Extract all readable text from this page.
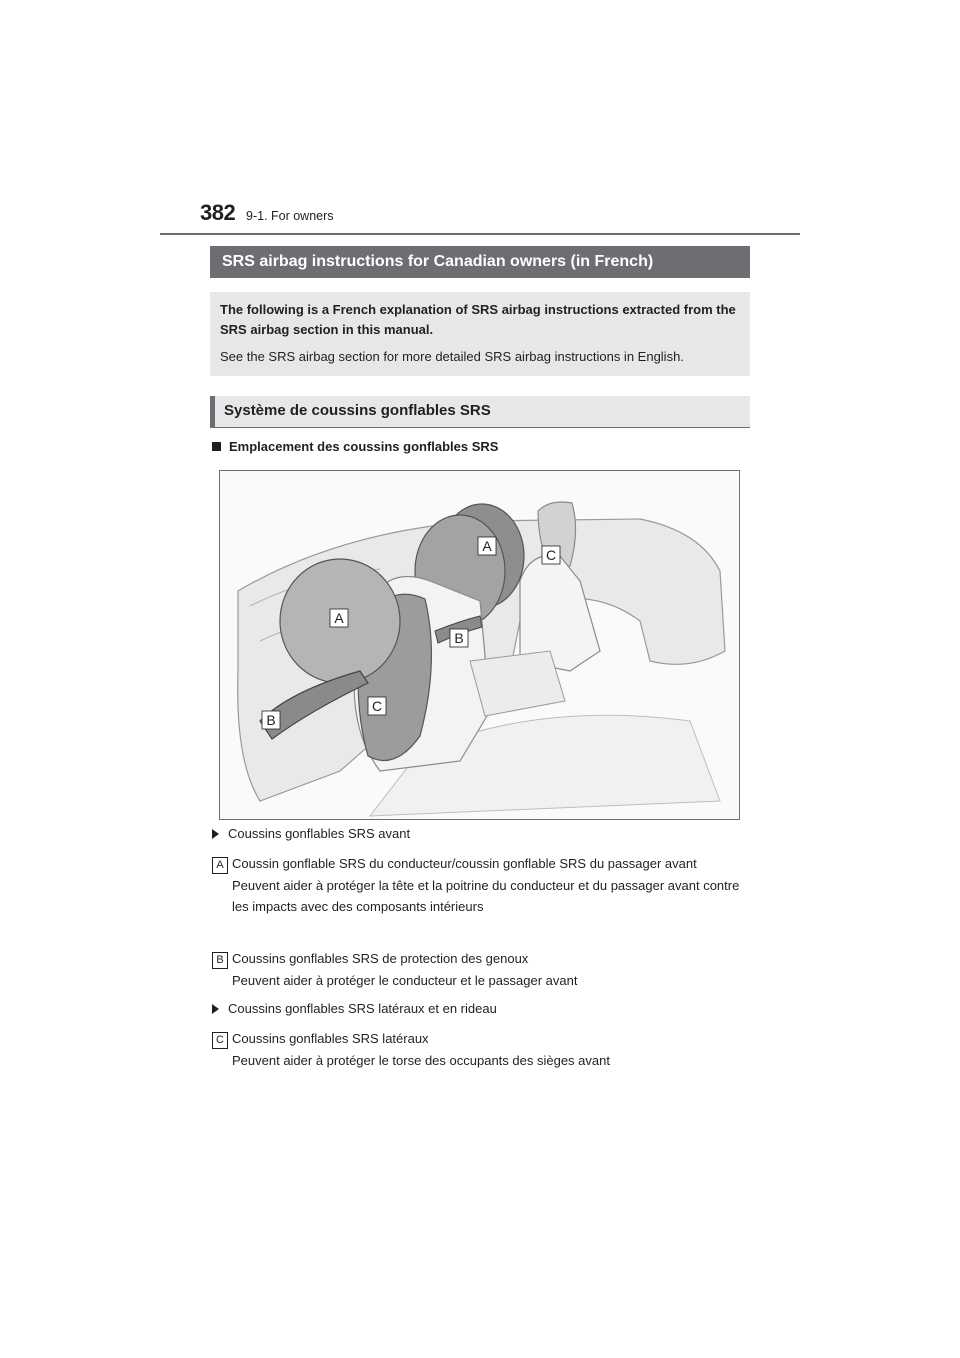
382 9-1. For owners
SRS airbag instructions for Canadian owners (in French)

The following is a French explanation of SRS airbag instructions extracted from the SRS airbag section in this manual.

See the SRS airbag section for more detailed SRS airbag instructions in English.

Système de coussins gonflables SRS
Emplacement des coussins gonflables SRS
A
C
A
B
B
C
Coussins gonflables SRS avant
A Coussin gonflable SRS du conducteur/coussin gonflable SRS du passager avant

Peuvent aider à protéger la tête et la poitrine du conducteur et du passager avant contre les impacts avec des composants intérieurs

B Coussins gonflables SRS de protection des genoux

Peuvent aider à protéger le conducteur et le passager avant

Coussins gonflables SRS latéraux et en rideau
C Coussins gonflables SRS latéraux

Peuvent aider à protéger le torse des occupants des sièges avant
